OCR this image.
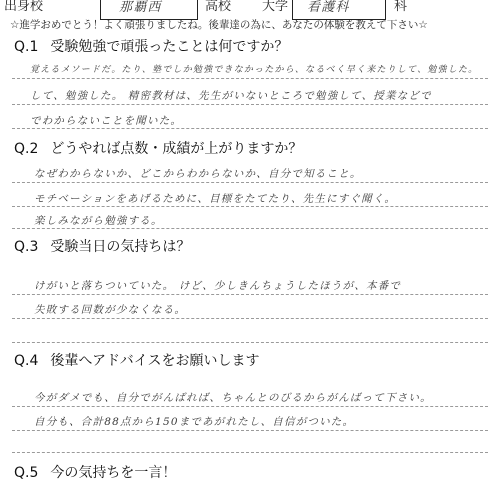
出身校	那覇西	高校 大学 看護科	科
☆進学おめでとう！よく頑張りましたね。後輩達の為に、あなたの体験を教えて下さい☆
Q.1 受験勉強で頑張ったことは何ですか？
覚えるメソードだ。たり、塾でしか勉強できなかったから、なるべく早く来たりして、勉強した。
して、勉強した。 精密教材は、先生がいないところで勉強して、授業などで
でわからないことを聞いた。
Q.2 どうやれば点数・成績が上がりますか？
なぜわからないか、どこからわからないか、自分で知ること。
モチベーションをあげるために、目標をたてたり、先生にすぐ聞く。
楽しみながら勉強する。
Q.3 受験当日の気持ちは？
けがいと落ちついていた。 けど、少しきんちょうしたほうが、本番で
失敗する回数が少なくなる。
Q.4 後輩へアドバイスをお願いします
今がダメでも、自分でがんばれば、ちゃんとのびるからがんばって下さい。
自分も、合計88点から150まであがれたし、自信がついた。
Q.5 今の気持ちを一言！
